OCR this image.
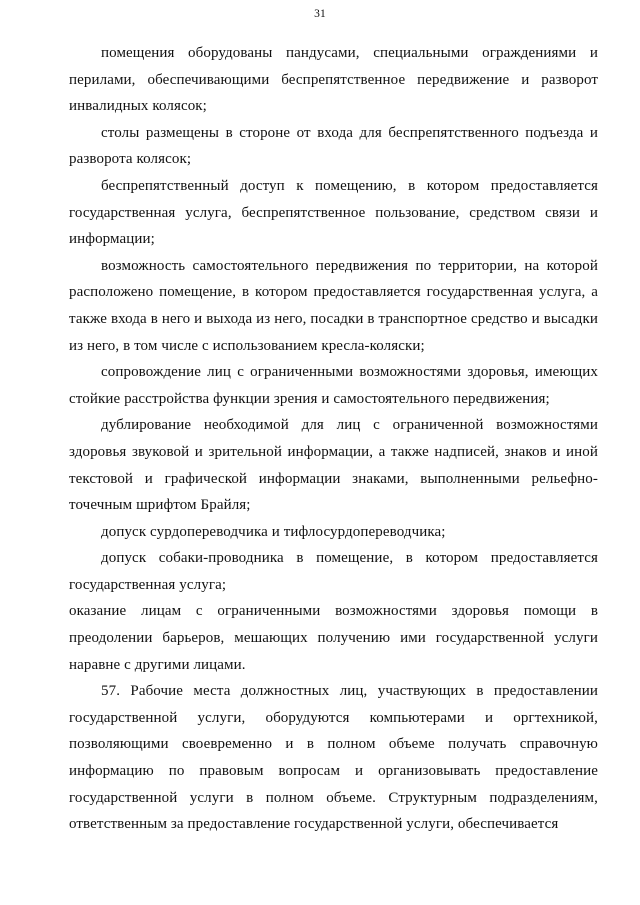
31

помещения оборудованы пандусами, специальными ограждениями и перилами, обеспечивающими беспрепятственное передвижение и разворот инвалидных колясок;

столы размещены в стороне от входа для беспрепятственного подъезда и разворота колясок;

беспрепятственный доступ к помещению, в котором предоставляется государственная услуга, беспрепятственное пользование, средством связи и информации;

возможность самостоятельного передвижения по территории, на которой расположено помещение, в котором предоставляется государственная услуга, а также входа в него и выхода из него, посадки в транспортное средство и высадки из него, в том числе с использованием кресла-коляски;

сопровождение лиц с ограниченными возможностями здоровья, имеющих стойкие расстройства функции зрения и самостоятельного передвижения;

дублирование необходимой для лиц с ограниченной возможностями здоровья звуковой и зрительной информации, а также надписей, знаков и иной текстовой и графической информации знаками, выполненными рельефно-точечным шрифтом Брайля;

допуск сурдопереводчика и тифлосурдопереводчика;

допуск собаки-проводника в помещение, в котором предоставляется государственная услуга;

оказание лицам с ограниченными возможностями здоровья помощи в преодолении барьеров, мешающих получению ими государственной услуги наравне с другими лицами.

57. Рабочие места должностных лиц, участвующих в предоставлении государственной услуги, оборудуются компьютерами и оргтехникой, позволяющими своевременно и в полном объеме получать справочную информацию по правовым вопросам и организовывать предоставление государственной услуги в полном объеме. Структурным подразделениям, ответственным за предоставление государственной услуги, обеспечивается
